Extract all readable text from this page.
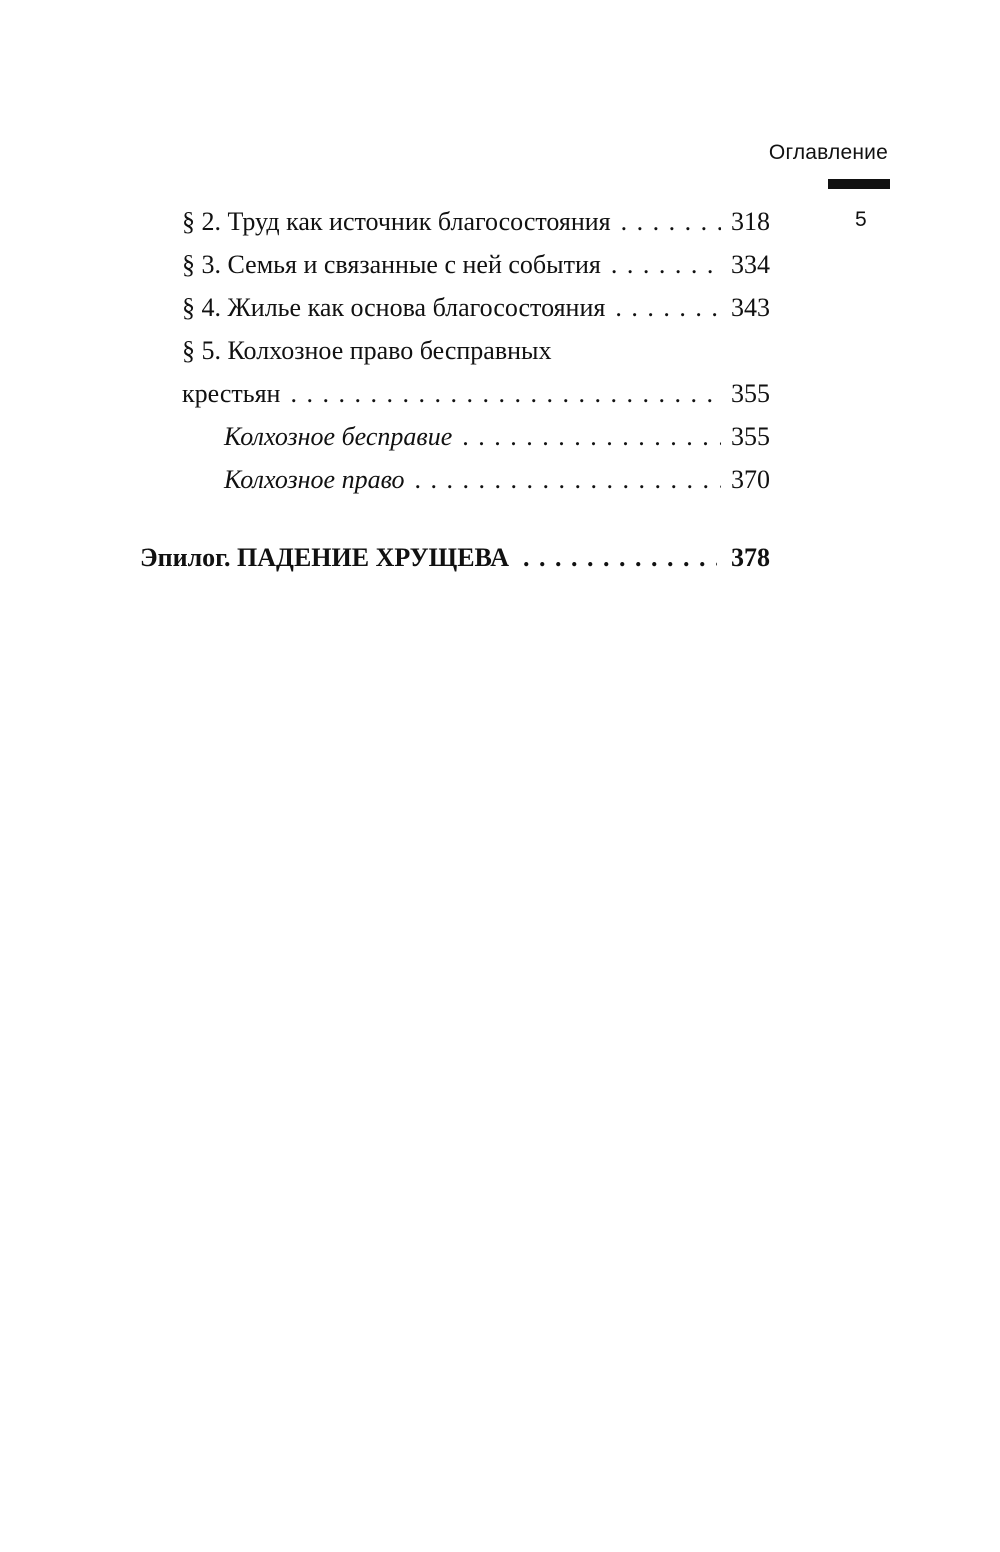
Оглавление
5
§ 2. Труд как источник благосостояния . . .	318
§ 3. Семья и связанные с ней события . . .	334
§ 4. Жилье как основа благосостояния . . .	343
§ 5. Колхозное право бесправных
крестьян . . .	355
Колхозное бесправие . . .	355
Колхозное право . . .	370
Эпилог. ПАДЕНИЕ ХРУЩЕВА . . .	378
